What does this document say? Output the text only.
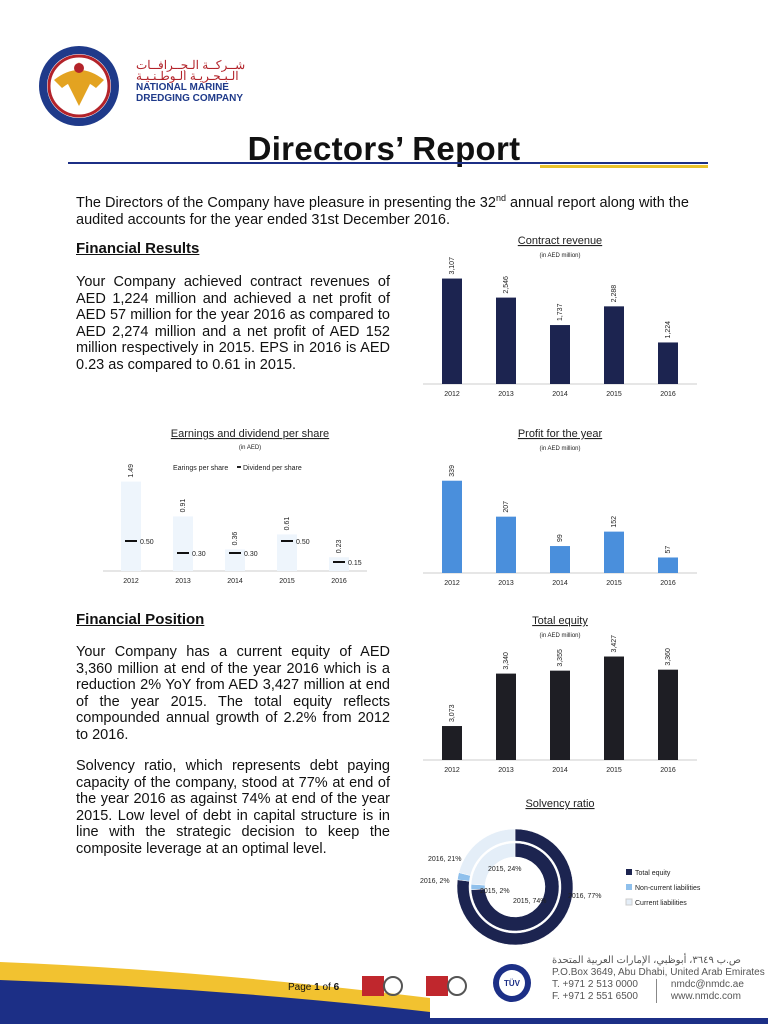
شــركــة الـجــرافــات
الـبـحـريـة الـوطـنـيـة
NATIONAL MARINE
DREDGING COMPANY
Directors’ Report
The Directors of the Company have pleasure in presenting the 32nd annual report along with the audited accounts for the year ended 31st December 2016.
Financial Results
Your Company achieved contract revenues of AED 1,224 million and achieved a net profit of AED 57 million for the year 2016 as compared to AED 2,274 million and a net profit of AED 152 million respectively in 2015. EPS in 2016 is AED 0.23 as compared to 0.61 in 2015.
Financial Position
Your Company has a current equity of AED 3,360 million at end of the year 2016 which is a reduction 2% YoY from AED 3,427 million at end of the year 2015. The total equity reflects compounded annual growth of 2.2% from 2012 to 2016.
Solvency ratio, which represents debt paying capacity of the company, stood at 77% at end of the year 2016 as against 74% at end of the year 2015. Low level of debt in capital structure is in line with the strategic decision to keep the composite leverage at an optimal level.
Contract revenue
(in AED million)
3,107
2012
2,546
2013
1,737
2014
2,288
2015
1,224
2016
Earnings and dividend per share
(in AED)
Earings per share Dividend per share
1.49
0.50
2012
0.91
0.30
2013
0.36
0.30
2014
0.61
0.50
2015
0.23
0.15
2016
Profit for the year
(in AED million)
339
2012
207
2013
99
2014
152
2015
57
2016
Total equity
(in AED million)
3,073
2012
3,340
2013
3,355
2014
3,427
2015
3,360
2016
Solvency ratio
2016, 77%
2016, 2%
2016, 21%
2015, 74%
2015, 2%
2015, 24%
Total equity
Non-current liabilities
Current liabilities
Page 1 of 6	TÜV
ص.ب ٣٦٤٩، أبوظبي، الإمارات العربية المتحدة
P.O.Box 3649, Abu Dhabi, United Arab Emirates
T. +971 2 513 0000
F. +971 2 551 6500
nmdc@nmdc.ae
www.nmdc.com
